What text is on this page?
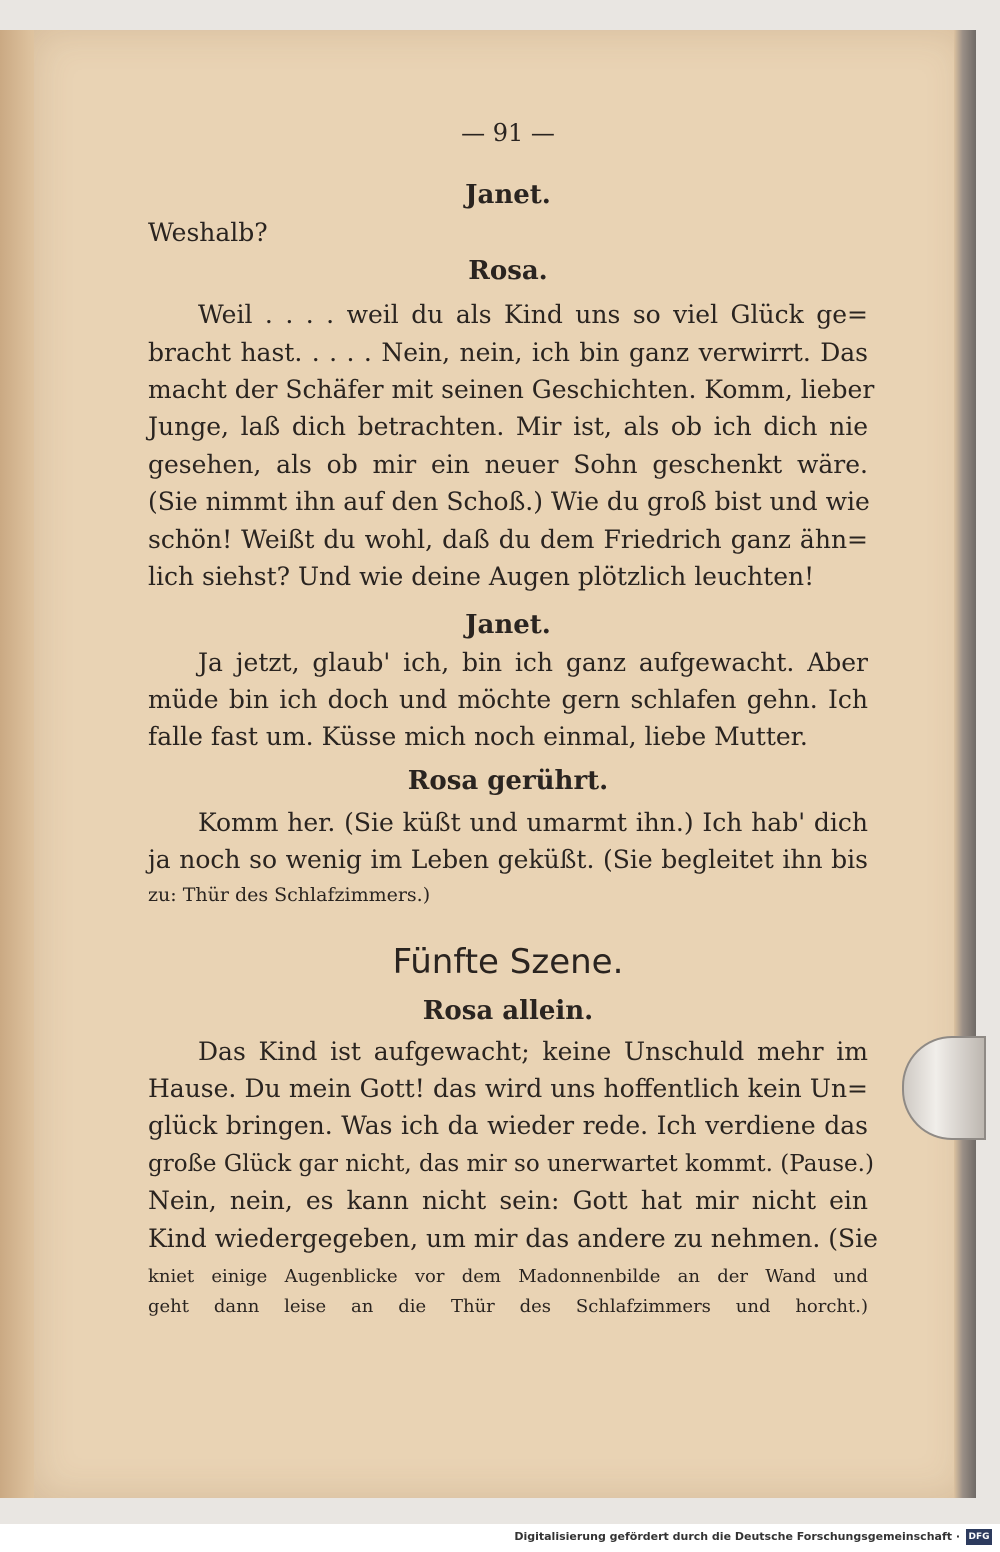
— 91 —
Janet.
Weshalb?
Rosa.
Weil . . . . weil du als Kind uns so viel Glück ge=
bracht hast. . . . . Nein, nein, ich bin ganz verwirrt. Das
macht der Schäfer mit seinen Geschichten. Komm, lieber
Junge, laß dich betrachten. Mir ist, als ob ich dich nie
gesehen, als ob mir ein neuer Sohn geschenkt wäre.
(Sie nimmt ihn auf den Schoß.) Wie du groß bist und wie
schön! Weißt du wohl, daß du dem Friedrich ganz ähn=
lich siehst? Und wie deine Augen plötzlich leuchten!
Janet.
Ja jetzt, glaub' ich, bin ich ganz aufgewacht. Aber
müde bin ich doch und möchte gern schlafen gehn. Ich
falle fast um. Küsse mich noch einmal, liebe Mutter.
Rosa gerührt.
Komm her. (Sie küßt und umarmt ihn.) Ich hab' dich
ja noch so wenig im Leben geküßt. (Sie begleitet ihn bis
zu: Thür des Schlafzimmers.)
Fünfte Szene.
Rosa allein.
Das Kind ist aufgewacht; keine Unschuld mehr im
Hause. Du mein Gott! das wird uns hoffentlich kein Un=
glück bringen. Was ich da wieder rede. Ich verdiene das
große Glück gar nicht, das mir so unerwartet kommt. (Pause.)
Nein, nein, es kann nicht sein: Gott hat mir nicht ein
Kind wiedergegeben, um mir das andere zu nehmen. (Sie
kniet einige Augenblicke vor dem Madonnenbilde an der Wand und
geht dann leise an die Thür des Schlafzimmers und horcht.)
Digitalisierung gefördert durch die Deutsche Forschungsgemeinschaft · DFG
